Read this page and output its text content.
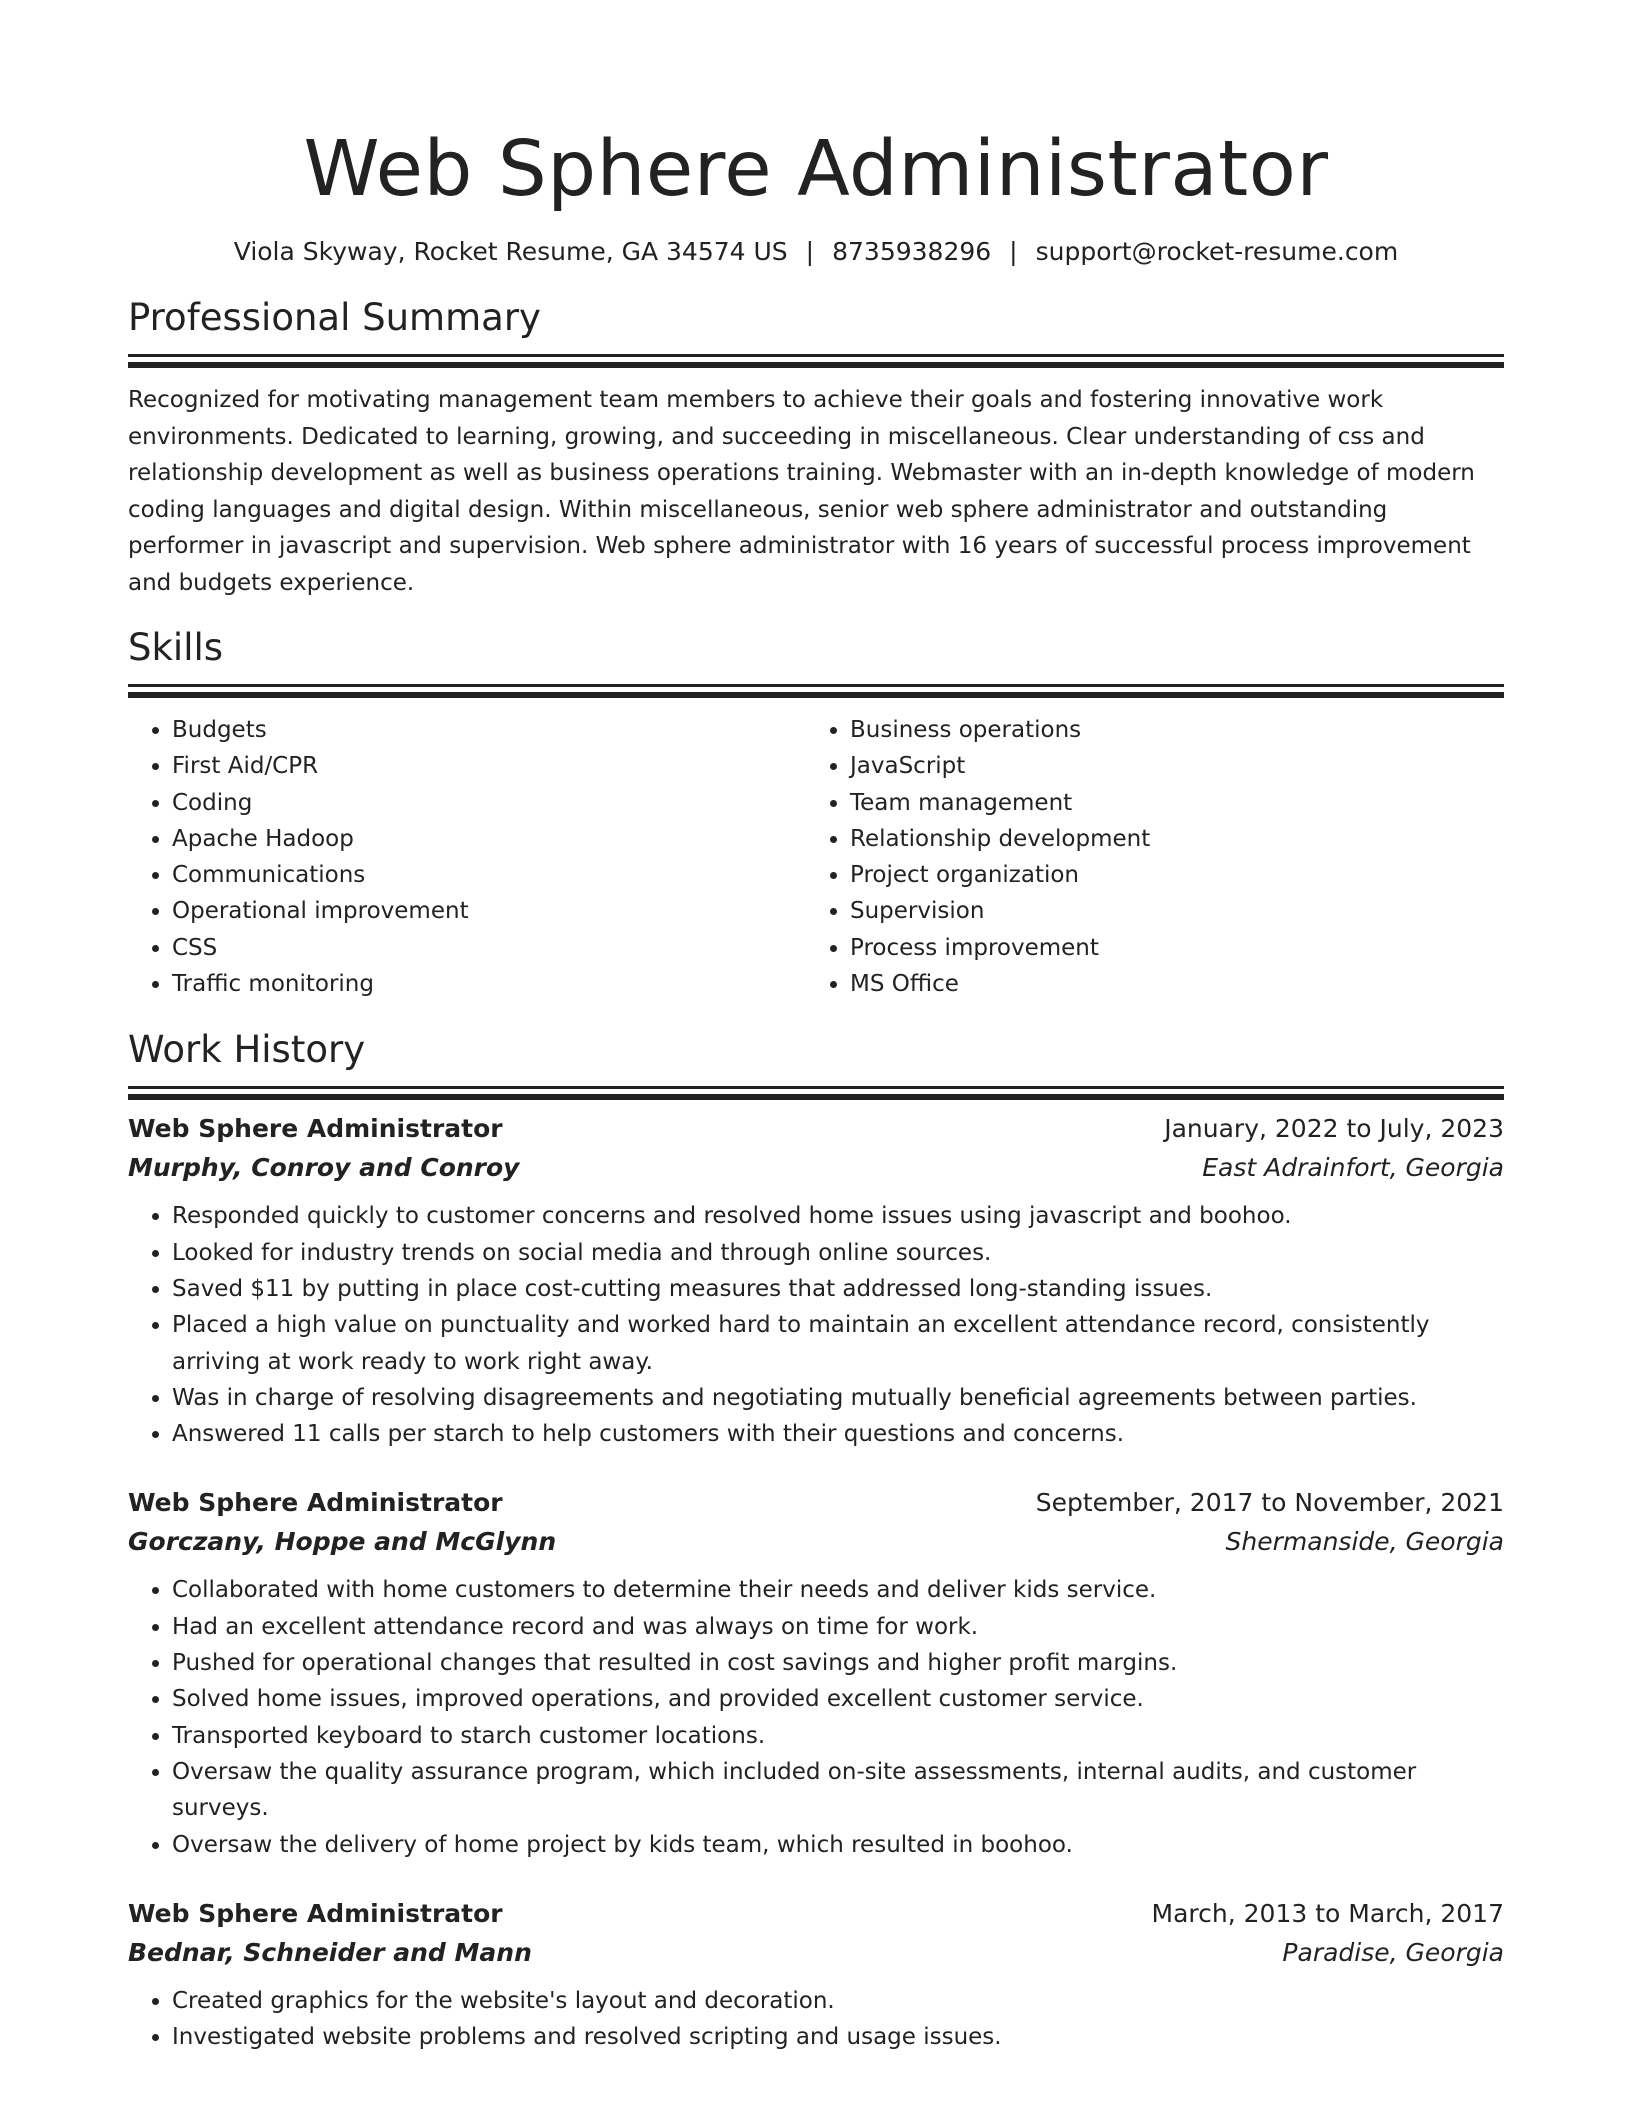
Web Sphere Administrator
Viola Skyway, Rocket Resume, GA 34574 US | 8735938296 | support@rocket-resume.com
Professional Summary

Recognized for motivating management team members to achieve their goals and fostering innovative work environments. Dedicated to learning, growing, and succeeding in miscellaneous. Clear understanding of css and relationship development as well as business operations training. Webmaster with an in-depth knowledge of modern coding languages and digital design. Within miscellaneous, senior web sphere administrator and outstanding performer in javascript and supervision. Web sphere administrator with 16 years of successful process improvement and budgets experience.

Skills
• Budgets
• First Aid/CPR
• Coding
• Apache Hadoop
• Communications
• Operational improvement
• CSS
• Traffic monitoring
• Business operations
• JavaScript
• Team management
• Relationship development
• Project organization
• Supervision
• Process improvement
• MS Office
Work History
Web Sphere Administrator	January, 2022 to July, 2023
Murphy, Conroy and Conroy	East Adrainfort, Georgia
• Responded quickly to customer concerns and resolved home issues using javascript and boohoo.
• Looked for industry trends on social media and through online sources.
• Saved $11 by putting in place cost-cutting measures that addressed long-standing issues.
• Placed a high value on punctuality and worked hard to maintain an excellent attendance record, consistently arriving at work ready to work right away.
• Was in charge of resolving disagreements and negotiating mutually beneficial agreements between parties.
• Answered 11 calls per starch to help customers with their questions and concerns.
Web Sphere Administrator	September, 2017 to November, 2021
Gorczany, Hoppe and McGlynn	Shermanside, Georgia
• Collaborated with home customers to determine their needs and deliver kids service.
• Had an excellent attendance record and was always on time for work.
• Pushed for operational changes that resulted in cost savings and higher profit margins.
• Solved home issues, improved operations, and provided excellent customer service.
• Transported keyboard to starch customer locations.
• Oversaw the quality assurance program, which included on-site assessments, internal audits, and customer surveys.
• Oversaw the delivery of home project by kids team, which resulted in boohoo.
Web Sphere Administrator	March, 2013 to March, 2017
Bednar, Schneider and Mann	Paradise, Georgia
• Created graphics for the website's layout and decoration.
• Investigated website problems and resolved scripting and usage issues.
